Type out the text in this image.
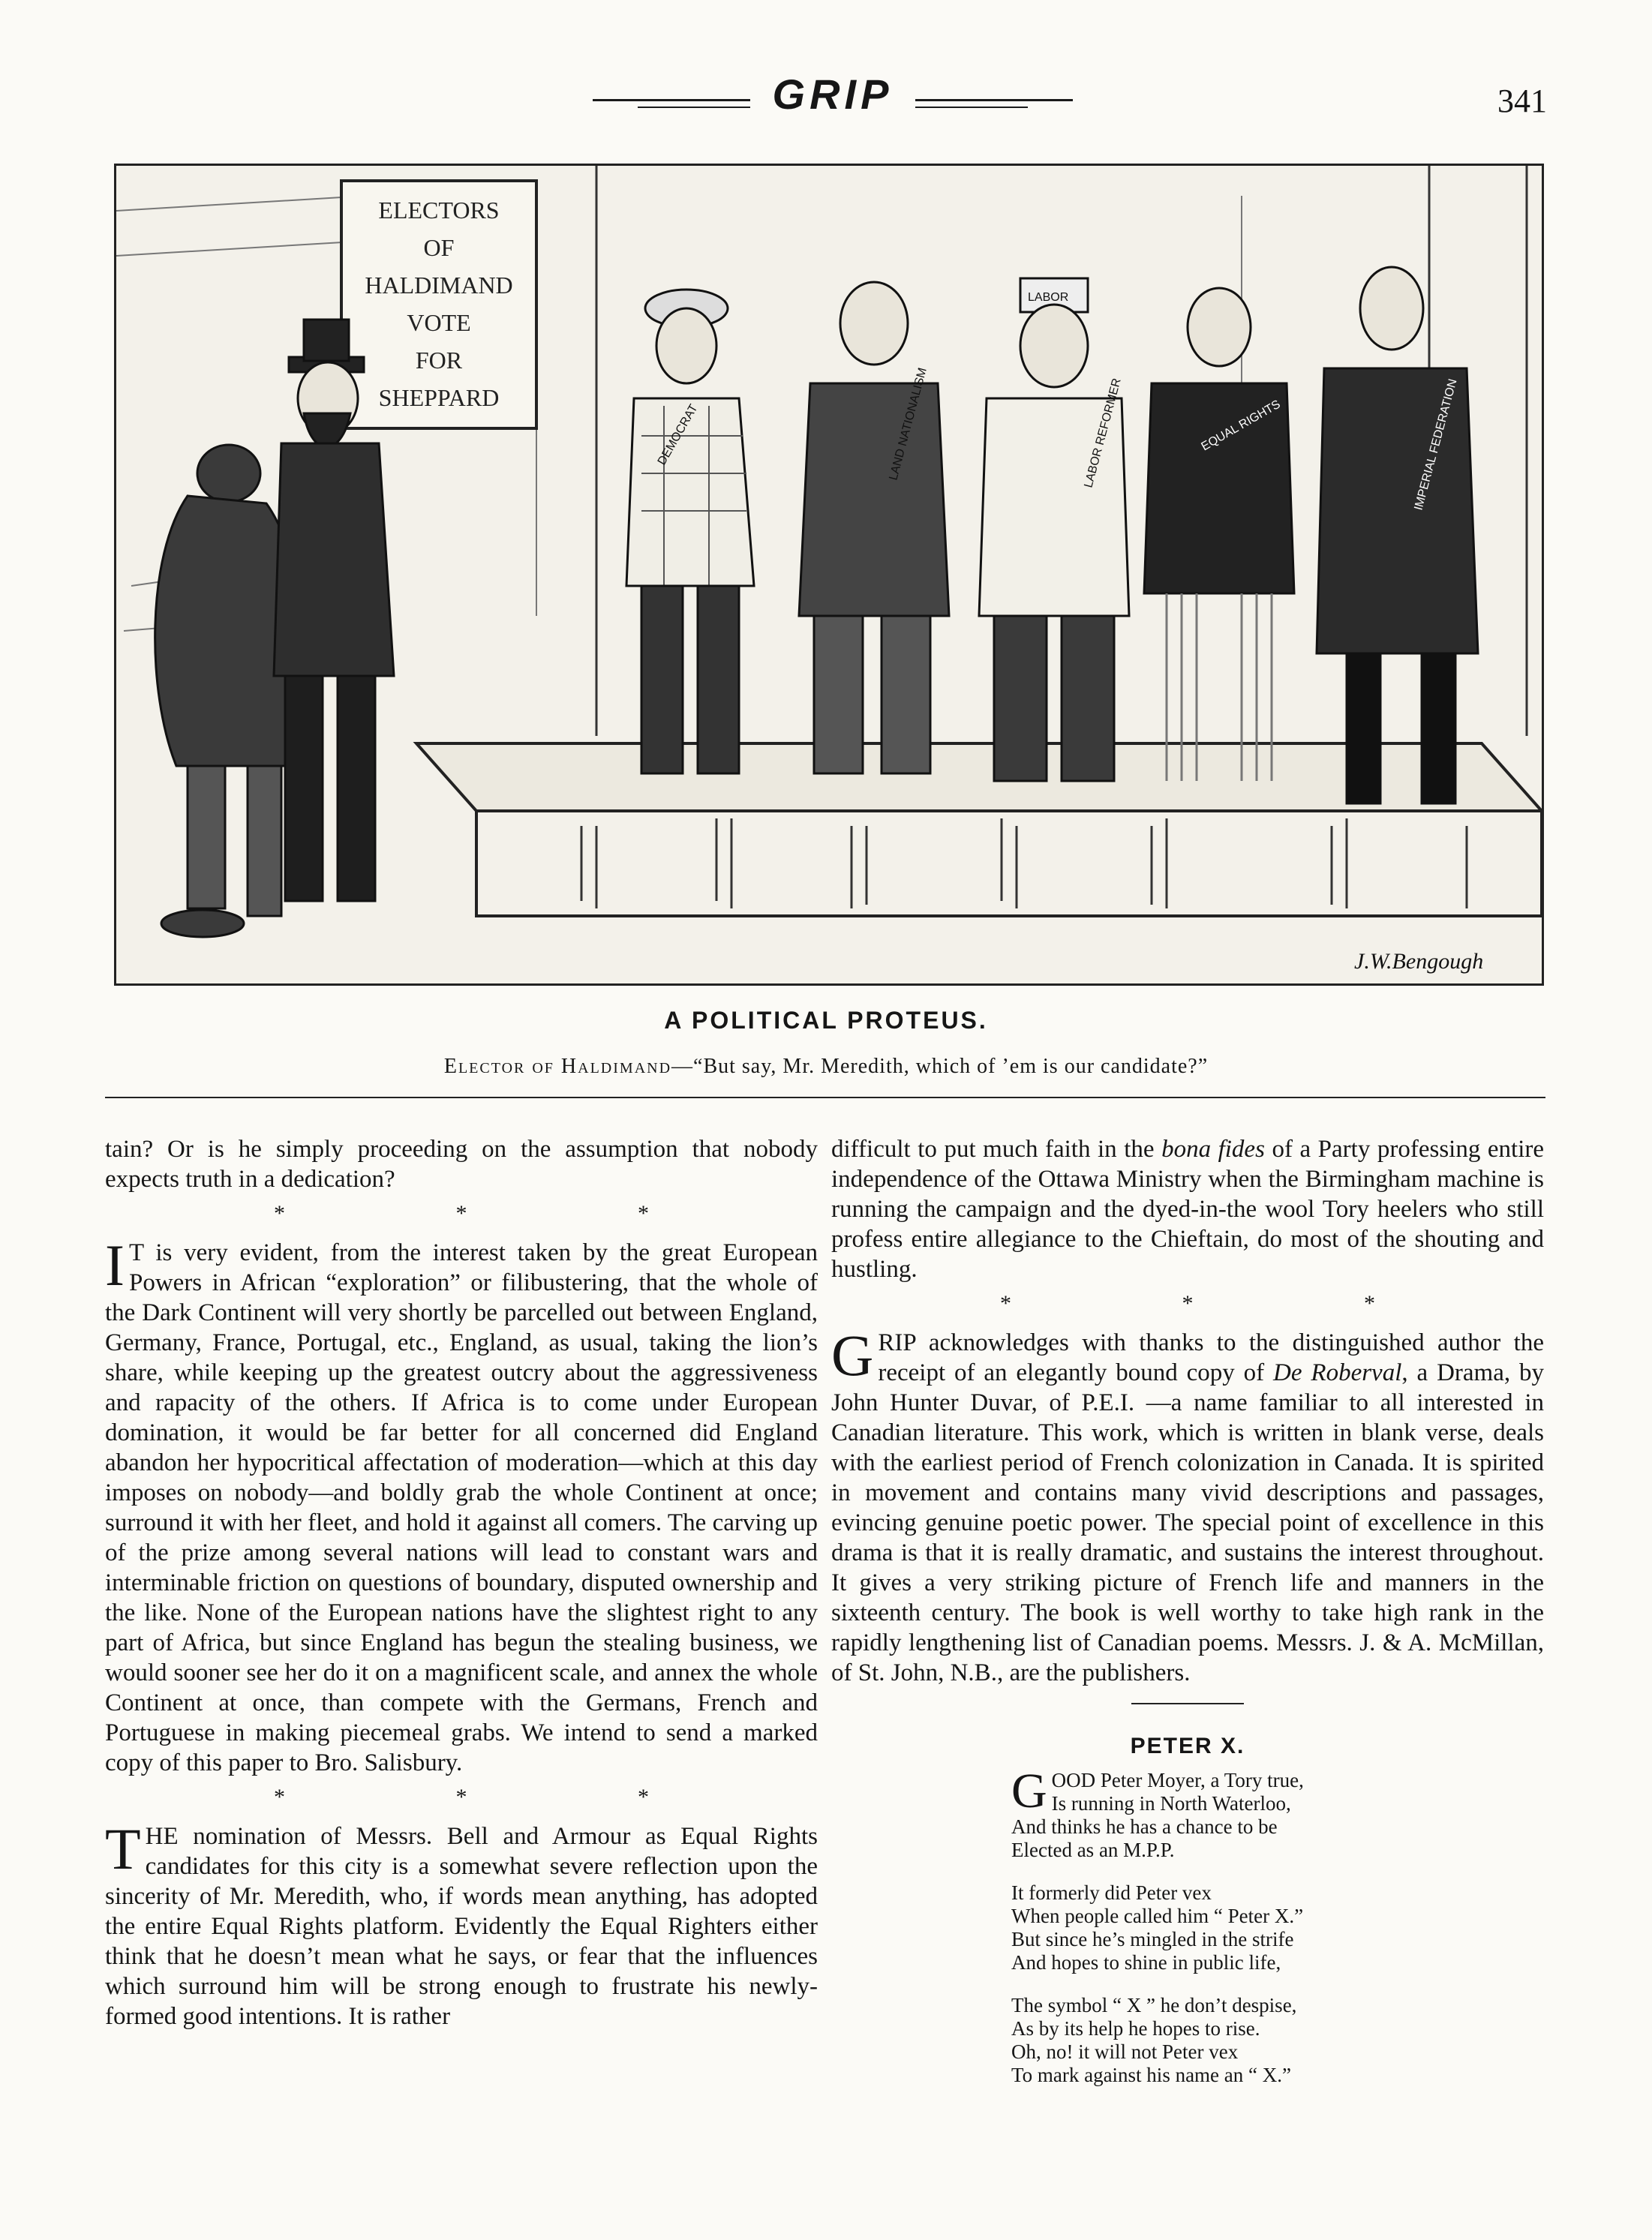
GRIP	341
ELECTORS OF HALDIMAND VOTE FOR SHEPPARD
DEMOCRAT	LAND NATIONALISM
LABOR
LABOR REFORMER	EQUAL RIGHTS	IMPERIAL FEDERATION
J.W.Bengough
A POLITICAL PROTEUS.
Elector of Haldimand—“But say, Mr. Meredith, which of ’em is our candidate?”

tain? Or is he simply proceeding on the assumption that nobody expects truth in a dedication?

* * *

I T is very evident, from the interest taken by the great European Powers in African “exploration” or filibustering, that the whole of the Dark Continent will very shortly be parcelled out between England, Germany, France, Portugal, etc., England, as usual, taking the lion’s share, while keeping up the greatest outcry about the aggressiveness and rapacity of the others. If Africa is to come under European domination, it would be far better for all concerned did England abandon her hypocritical affectation of moderation—which at this day imposes on nobody—and boldly grab the whole Continent at once; surround it with her fleet, and hold it against all comers. The carving up of the prize among several nations will lead to constant wars and interminable friction on questions of boundary, disputed ownership and the like. None of the European nations have the slightest right to any part of Africa, but since England has begun the stealing business, we would sooner see her do it on a magnificent scale, and annex the whole Continent at once, than compete with the Germans, French and Portuguese in making piecemeal grabs. We intend to send a marked copy of this paper to Bro. Salisbury.

* * *

THE nomination of Messrs. Bell and Armour as Equal Rights candidates for this city is a somewhat severe reflection upon the sincerity of Mr. Meredith, who, if words mean anything, has adopted the entire Equal Rights platform. Evidently the Equal Righters either think that he doesn’t mean what he says, or fear that the influences which surround him will be strong enough to frustrate his newly-formed good intentions. It is rather

difficult to put much faith in the bona fides of a Party professing entire independence of the Ottawa Ministry when the Birmingham machine is running the campaign and the dyed-in-the wool Tory heelers who still profess entire allegiance to the Chieftain, do most of the shouting and hustling.

* * *

GRIP acknowledges with thanks to the distinguished author the receipt of an elegantly bound copy of De Roberval, a Drama, by John Hunter Duvar, of P.E.I. —a name familiar to all interested in Canadian literature. This work, which is written in blank verse, deals with the earliest period of French colonization in Canada. It is spirited in movement and contains many vivid descriptions and passages, evincing genuine poetic power. The special point of excellence in this drama is that it is really dramatic, and sustains the interest throughout. It gives a very striking picture of French life and manners in the sixteenth century. The book is well worthy to take high rank in the rapidly lengthening list of Canadian poems. Messrs. J. & A. McMillan, of St. John, N.B., are the publishers.

PETER X.
G OOD Peter Moyer, a Tory true,
Is running in North Waterloo,
And thinks he has a chance to be
Elected as an M.P.P.
It formerly did Peter vex
When people called him “ Peter X.”
But since he’s mingled in the strife
And hopes to shine in public life,
The symbol “ X ” he don’t despise,
As by its help he hopes to rise.
Oh, no! it will not Peter vex
To mark against his name an “ X.”
